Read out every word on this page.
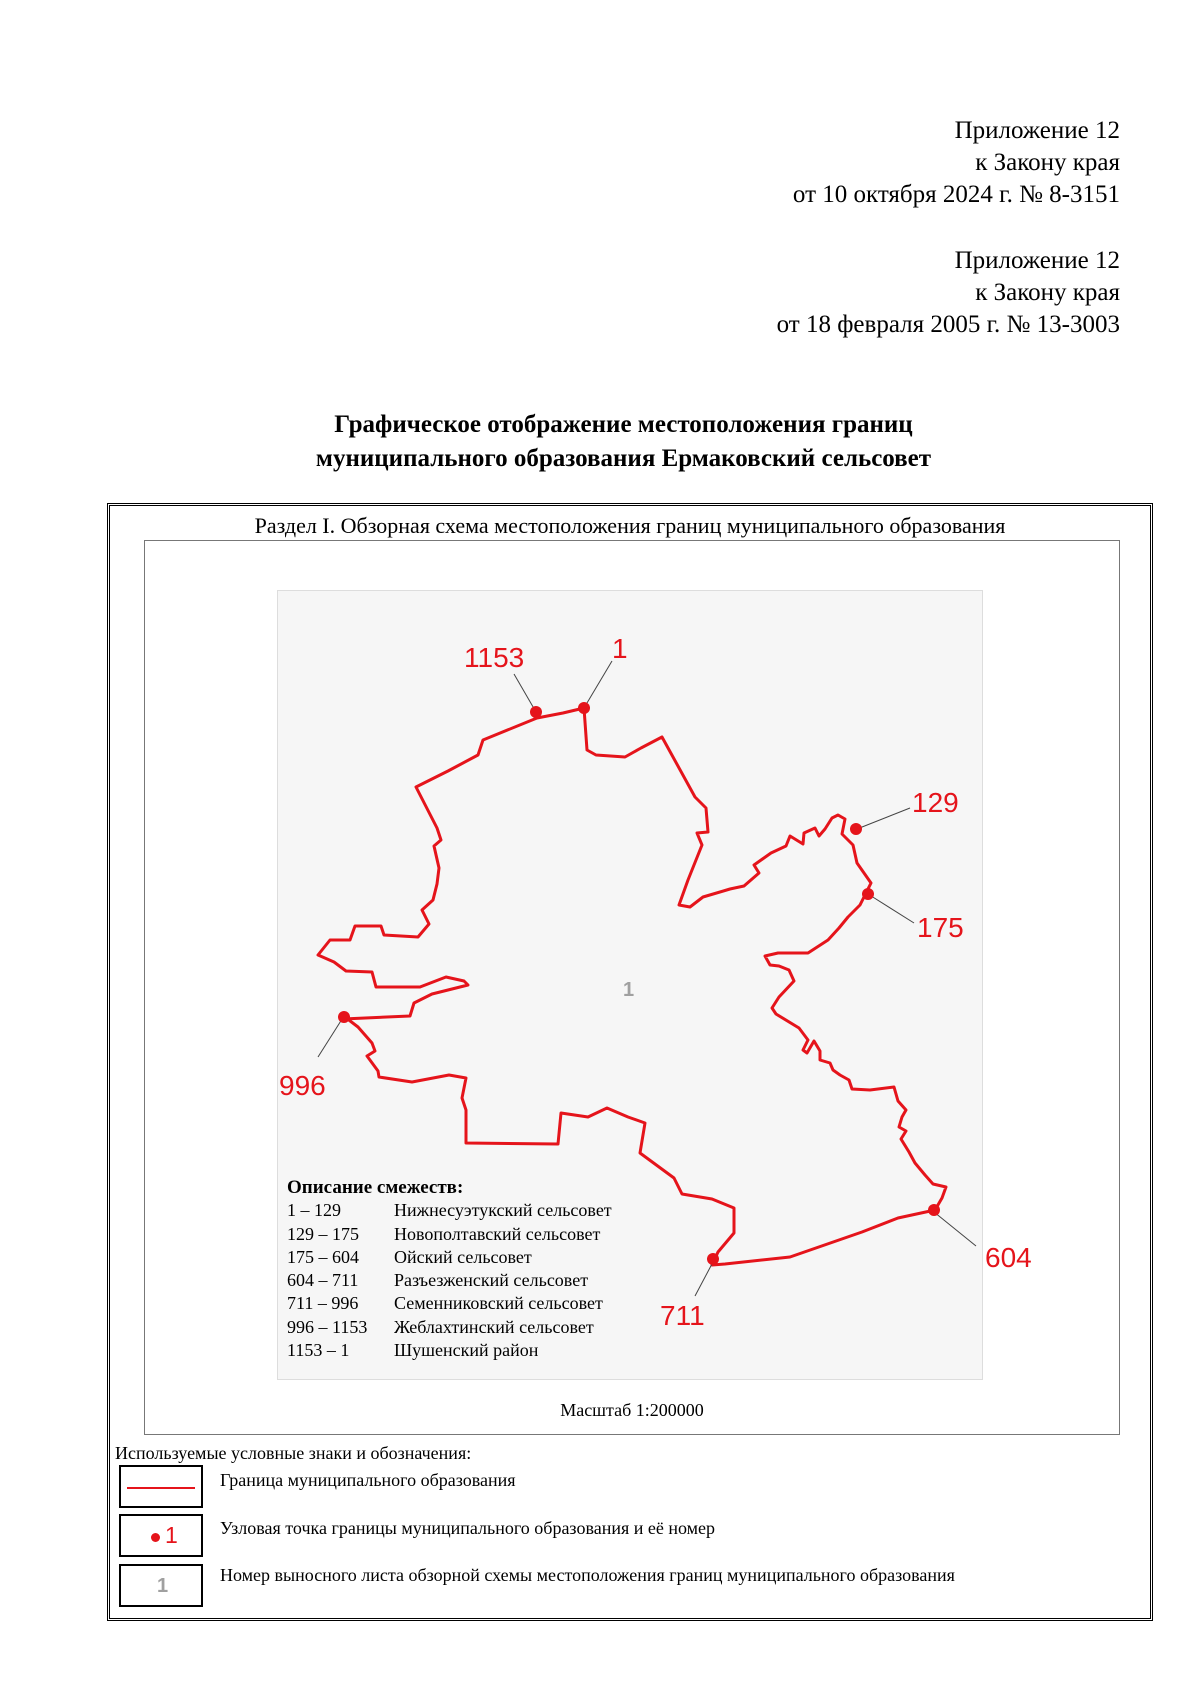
Приложение 12
к Закону края
от 10 октября 2024 г. № 8-3151
Приложение 12
к Закону края
от 18 февраля 2005 г. № 13-3003
Графическое отображение местоположения границ
муниципального образования Ермаковский сельсовет
Раздел I. Обзорная схема местоположения границ муниципального образования
1153	1
129
175
604
711
996
1
Описание смежеств:
1 – 129	Нижнесуэтукский сельсовет
129 – 175	Новополтавский сельсовет
175 – 604	Ойский сельсовет
604 – 711	Разъезженский сельсовет
711 – 996	Семенниковский сельсовет
996 – 1153	Жеблахтинский сельсовет
1153 – 1	Шушенский район
Масштаб 1:200000
Используемые условные знаки и обозначения:
Граница муниципального образования
1 Узловая точка границы муниципального образования и её номер
1	Номер выносного листа обзорной схемы местоположения границ муниципального образования
